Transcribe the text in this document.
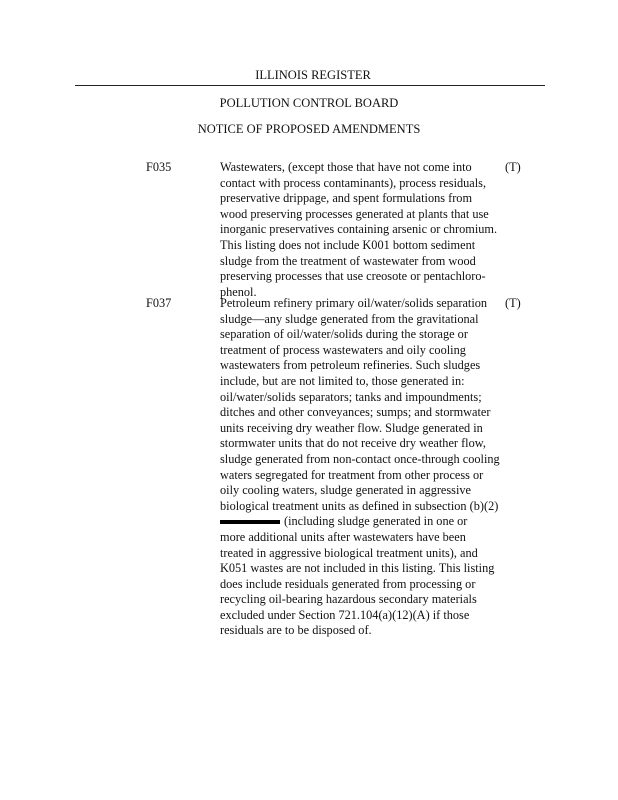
ILLINOIS REGISTER
POLLUTION CONTROL BOARD
NOTICE OF PROPOSED AMENDMENTS
F035	Wastewaters, (except those that have not come into
contact with process contaminants), process residuals,
preservative drippage, and spent formulations from
wood preserving processes generated at plants that use
inorganic preservatives containing arsenic or chromium.
This listing does not include K001 bottom sediment
sludge from the treatment of wastewater from wood
preserving processes that use creosote or pentachloro-
phenol.
(T)
F037	Petroleum refinery primary oil/water/solids separation
sludge—any sludge generated from the gravitational
separation of oil/water/solids during the storage or
treatment of process wastewaters and oily cooling
wastewaters from petroleum refineries. Such sludges
include, but are not limited to, those generated in:
oil/water/solids separators; tanks and impoundments;
ditches and other conveyances; sumps; and stormwater
units receiving dry weather flow. Sludge generated in
stormwater units that do not receive dry weather flow,
sludge generated from non-contact once-through cooling
waters segregated for treatment from other process or
oily cooling waters, sludge generated in aggressive
biological treatment units as defined in subsection (b)(2)
(including sludge generated in one or
more additional units after wastewaters have been
treated in aggressive biological treatment units), and
K051 wastes are not included in this listing. This listing
does include residuals generated from processing or
recycling oil-bearing hazardous secondary materials
excluded under Section 721.104(a)(12)(A) if those
residuals are to be disposed of.
(T)
